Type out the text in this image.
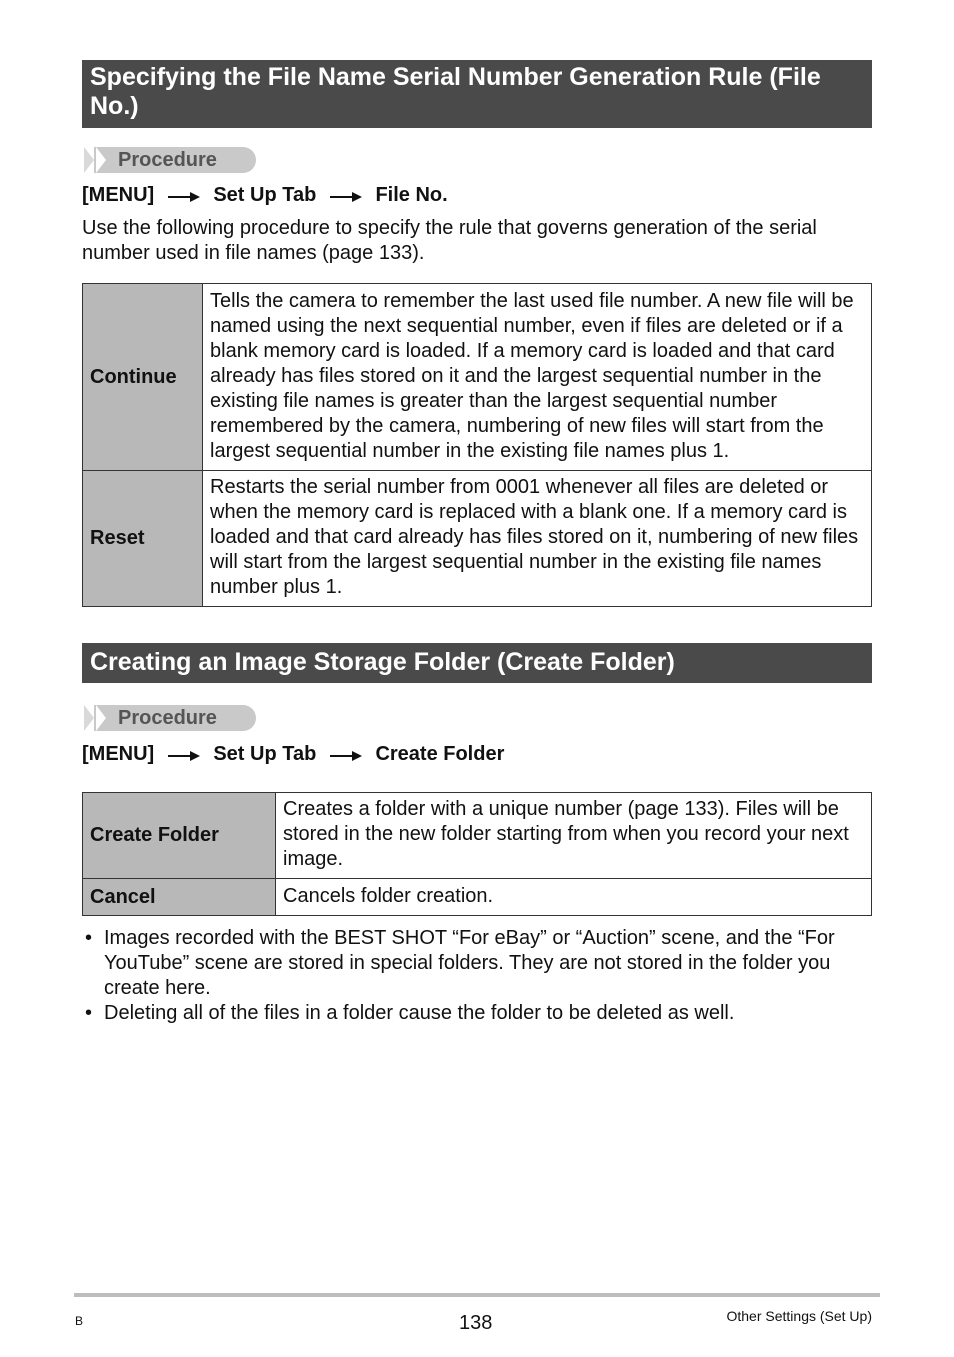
Specifying the File Name Serial Number Generation Rule (File No.)
Procedure
[MENU]	Set Up Tab	File No.
Use the following procedure to specify the rule that governs generation of the serial number used in file names (page 133).
Continue	Tells the camera to remember the last used file number. A new file will be named using the next sequential number, even if files are deleted or if a blank memory card is loaded. If a memory card is loaded and that card already has files stored on it and the largest sequential number in the existing file names is greater than the largest sequential number remembered by the camera, numbering of new files will start from the largest sequential number in the existing file names plus 1.
Reset	Restarts the serial number from 0001 whenever all files are deleted or when the memory card is replaced with a blank one. If a memory card is loaded and that card already has files stored on it, numbering of new files will start from the largest sequential number in the existing file names number plus 1.
Creating an Image Storage Folder (Create Folder)
Procedure
[MENU]	Set Up Tab	Create Folder
Create Folder	Creates a folder with a unique number (page 133). Files will be stored in the new folder starting from when you record your next image.
Cancel	Cancels folder creation.
• Images recorded with the BEST SHOT “For eBay” or “Auction” scene, and the “For YouTube” scene are stored in special folders. They are not stored in the folder you create here.
• Deleting all of the files in a folder cause the folder to be deleted as well.
B	138	Other Settings (Set Up)
